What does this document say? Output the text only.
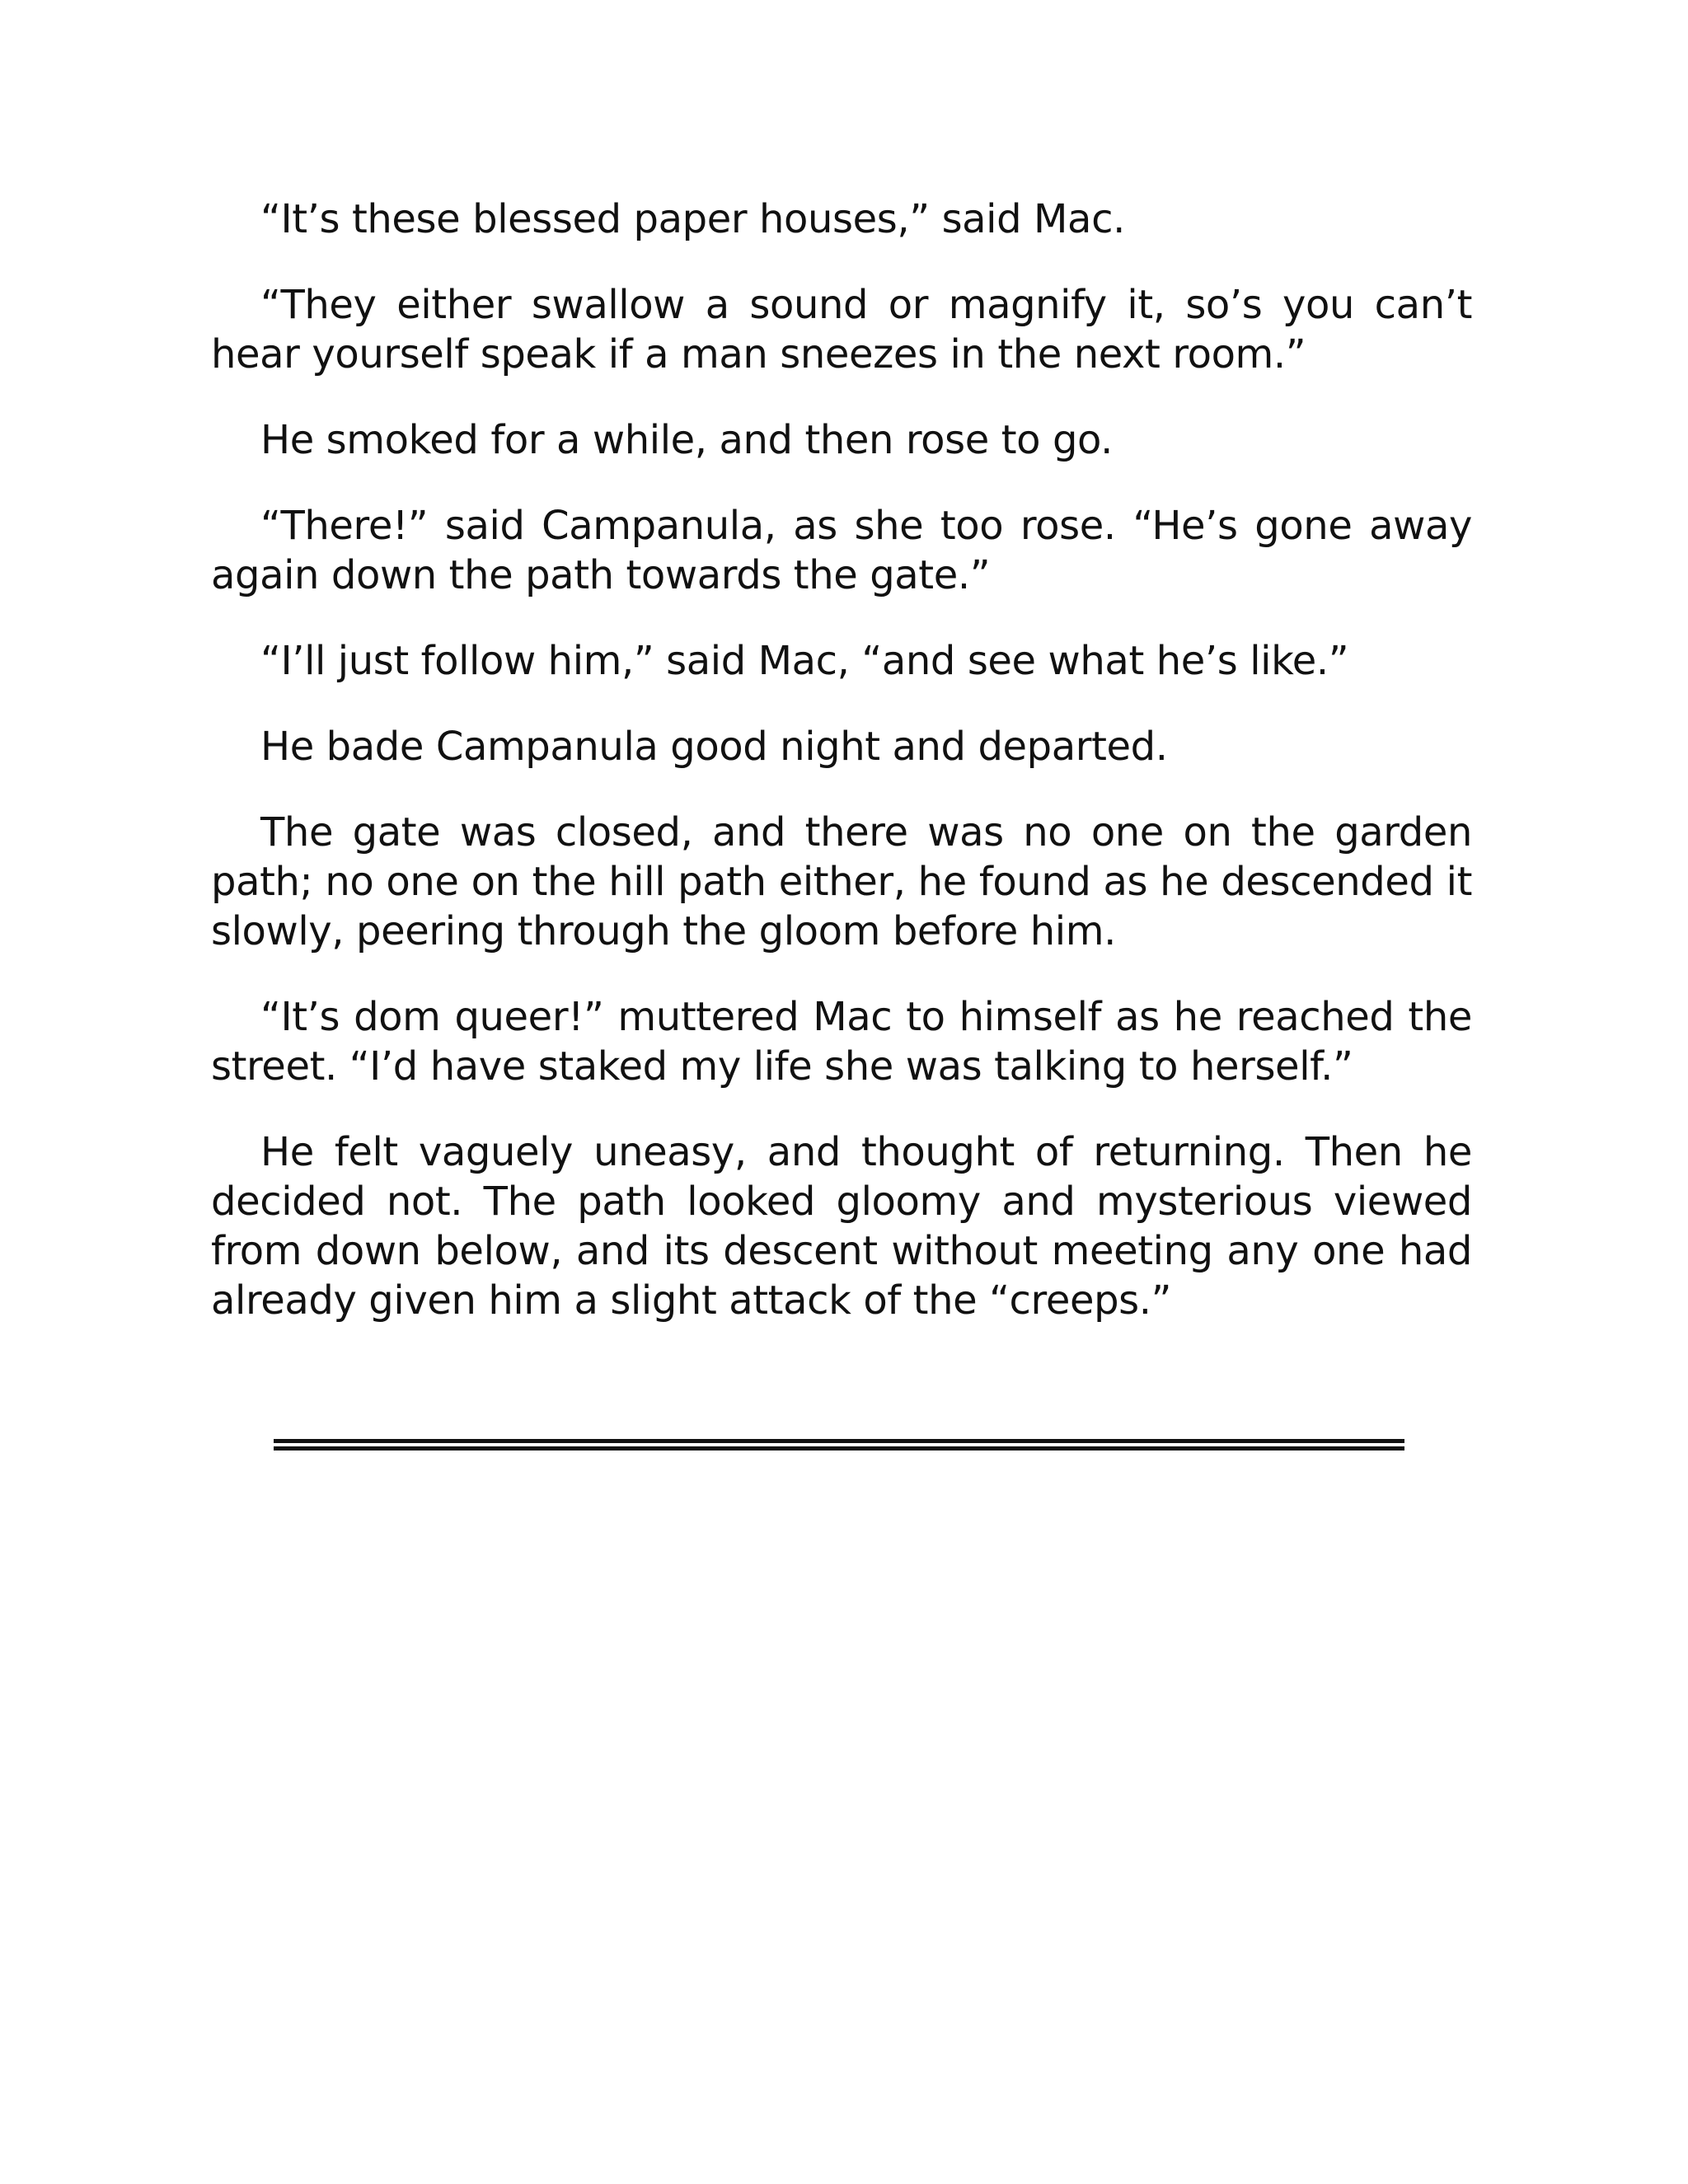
“It’s these blessed paper houses,” said Mac.

“They either swallow a sound or magnify it, so’s you can’t hear yourself speak if a man sneezes in the next room.”

He smoked for a while, and then rose to go.

“There!” said Campanula, as she too rose. “He’s gone away again down the path towards the gate.”

“I’ll just follow him,” said Mac, “and see what he’s like.”

He bade Campanula good night and departed.

The gate was closed, and there was no one on the garden path; no one on the hill path either, he found as he descended it slowly, peering through the gloom before him.

“It’s dom queer!” muttered Mac to himself as he reached the street. “I’d have staked my life she was talking to herself.”

He felt vaguely uneasy, and thought of returning. Then he decided not. The path looked gloomy and mysterious viewed from down below, and its descent without meeting any one had already given him a slight attack of the “creeps.”
